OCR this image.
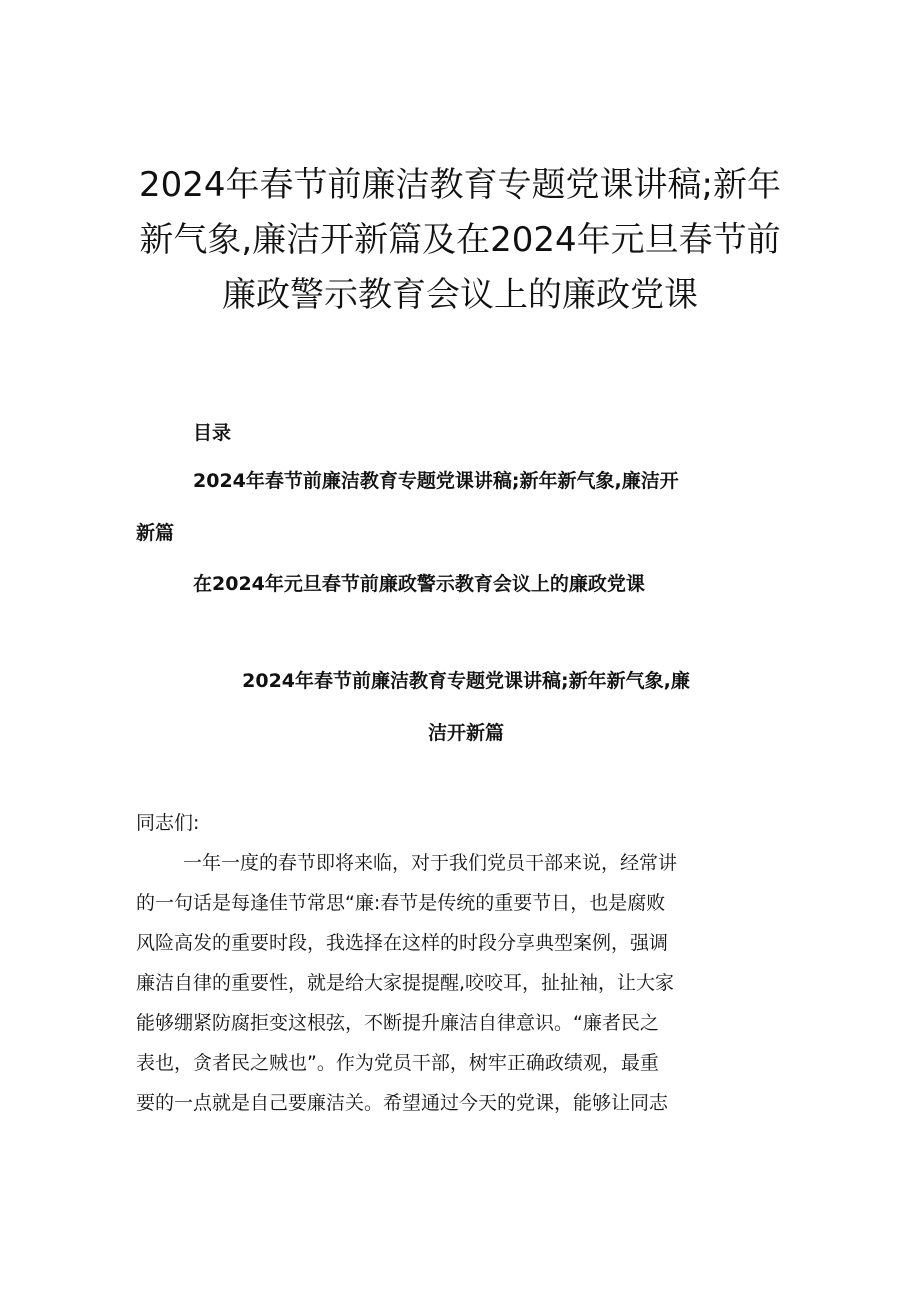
2024年春节前廉洁教育专题党课讲稿;新年
新气象,廉洁开新篇及在2024年元旦春节前
廉政警示教育会议上的廉政党课

目录

2024年春节前廉洁教育专题党课讲稿;新年新气象,廉洁开
新篇

在2024年元旦春节前廉政警示教育会议上的廉政党课

2024年春节前廉洁教育专题党课讲稿;新年新气象,廉
洁开新篇

同志们:

一年一度的春节即将来临，对于我们党员干部来说，经常讲
的一句话是每逢佳节常思“廉:春节是传统的重要节日，也是腐败
风险高发的重要时段，我选择在这样的时段分享典型案例，强调
廉洁自律的重要性，就是给大家提提醒,咬咬耳，扯扯袖，让大家
能够绷紧防腐拒变这根弦，不断提升廉洁自律意识。“廉者民之
表也，贪者民之贼也”。作为党员干部，树牢正确政绩观，最重
要的一点就是自己要廉洁关。希望通过今天的党课，能够让同志
